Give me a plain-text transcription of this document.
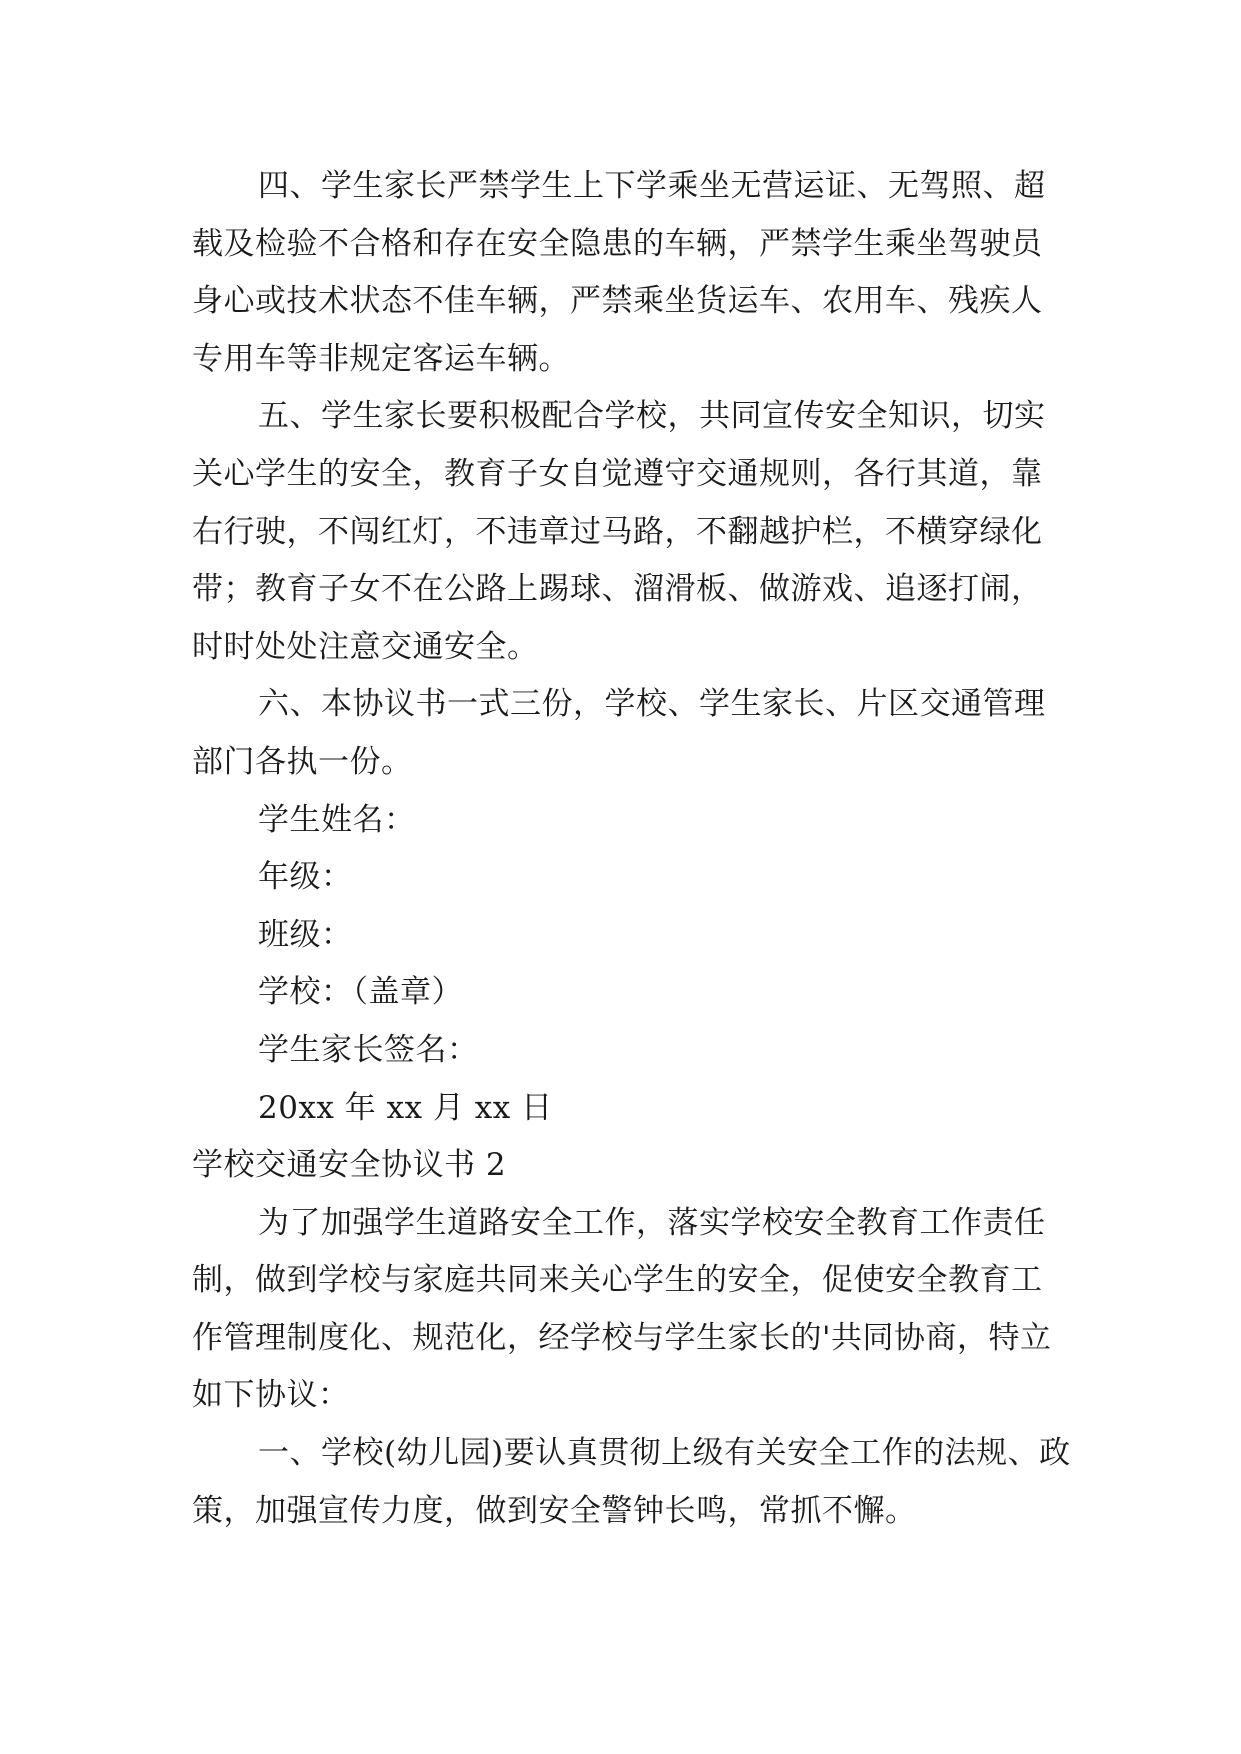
四、学生家长严禁学生上下学乘坐无营运证、无驾照、超载及检验不合格和存在安全隐患的车辆，严禁学生乘坐驾驶员身心或技术状态不佳车辆，严禁乘坐货运车、农用车、残疾人专用车等非规定客运车辆。

五、学生家长要积极配合学校，共同宣传安全知识，切实关心学生的安全，教育子女自觉遵守交通规则，各行其道，靠右行驶，不闯红灯，不违章过马路，不翻越护栏，不横穿绿化带；教育子女不在公路上踢球、溜滑板、做游戏、追逐打闹，时时处处注意交通安全。

六、本协议书一式三份，学校、学生家长、片区交通管理部门各执一份。

学生姓名：

年级：

班级：

学校：（盖章）

学生家长签名：

20xx 年 xx 月 xx 日

学校交通安全协议书 2

为了加强学生道路安全工作，落实学校安全教育工作责任制，做到学校与家庭共同来关心学生的安全，促使安全教育工作管理制度化、规范化，经学校与学生家长的'共同协商，特立如下协议：

一、学校(幼儿园)要认真贯彻上级有关安全工作的法规、政策，加强宣传力度，做到安全警钟长鸣，常抓不懈。
